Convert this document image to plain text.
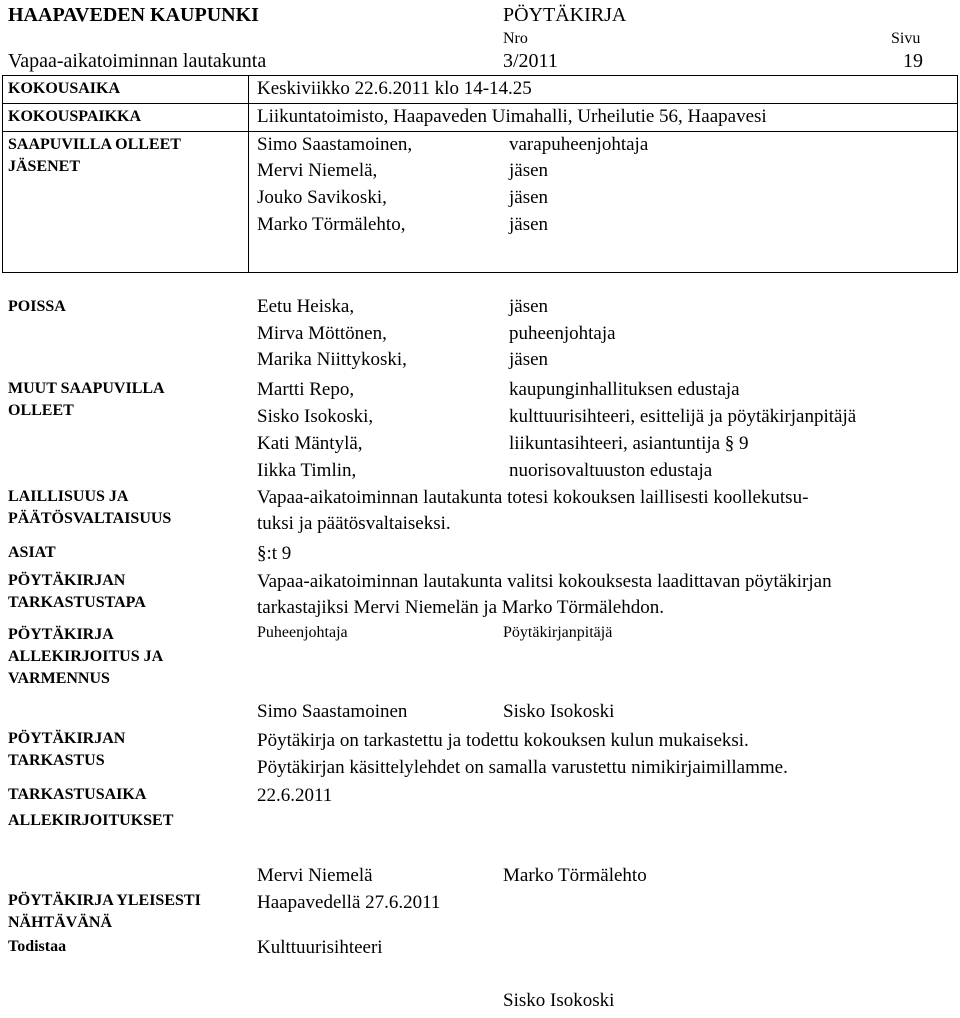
HAAPAVEDEN KAUPUNKI	PÖYTÄKIRJA
Nro	Sivu
Vapaa-aikatoiminnan lautakunta	3/2011	19
KOKOUSAIKA	Keskiviikko 22.6.2011 klo 14-14.25
KOKOUSPAIKKA	Liikuntatoimisto, Haapaveden Uimahalli, Urheilutie 56, Haapavesi
SAAPUVILLA OLLEET
JÄSENET
Simo Saastamoinen,	varapuheenjohtaja
Mervi Niemelä,	jäsen
Jouko Savikoski,	jäsen
Marko Törmälehto,	jäsen
POISSA	Eetu Heiska,	jäsen
Mirva Möttönen,	puheenjohtaja
Marika Niittykoski,	jäsen
MUUT SAAPUVILLA
OLLEET
Martti Repo,	kaupunginhallituksen edustaja
Sisko Isokoski,	kulttuurisihteeri, esittelijä ja pöytäkirjanpitäjä
Kati Mäntylä,	liikuntasihteeri, asiantuntija § 9
Iikka Timlin,	nuorisovaltuuston edustaja
LAILLISUUS JA
PÄÄTÖSVALTAISUUS
Vapaa-aikatoiminnan lautakunta totesi kokouksen laillisesti koollekutsu-
tuksi ja päätösvaltaiseksi.
ASIAT	§:t 9
PÖYTÄKIRJAN
TARKASTUSTAPA
Vapaa-aikatoiminnan lautakunta valitsi kokouksesta laadittavan pöytäkirjan
tarkastajiksi Mervi Niemelän ja Marko Törmälehdon.
PÖYTÄKIRJA
ALLEKIRJOITUS JA
VARMENNUS
Puheenjohtaja	Pöytäkirjanpitäjä
Simo Saastamoinen	Sisko Isokoski
PÖYTÄKIRJAN
TARKASTUS
Pöytäkirja on tarkastettu ja todettu kokouksen kulun mukaiseksi.
Pöytäkirjan käsittelylehdet on samalla varustettu nimikirjaimillamme.
TARKASTUSAIKA	22.6.2011
ALLEKIRJOITUKSET
Mervi Niemelä	Marko Törmälehto
PÖYTÄKIRJA YLEISESTI
NÄHTÄVÄNÄ
Haapavedellä 27.6.2011
Todistaa	Kulttuurisihteeri
Sisko Isokoski
